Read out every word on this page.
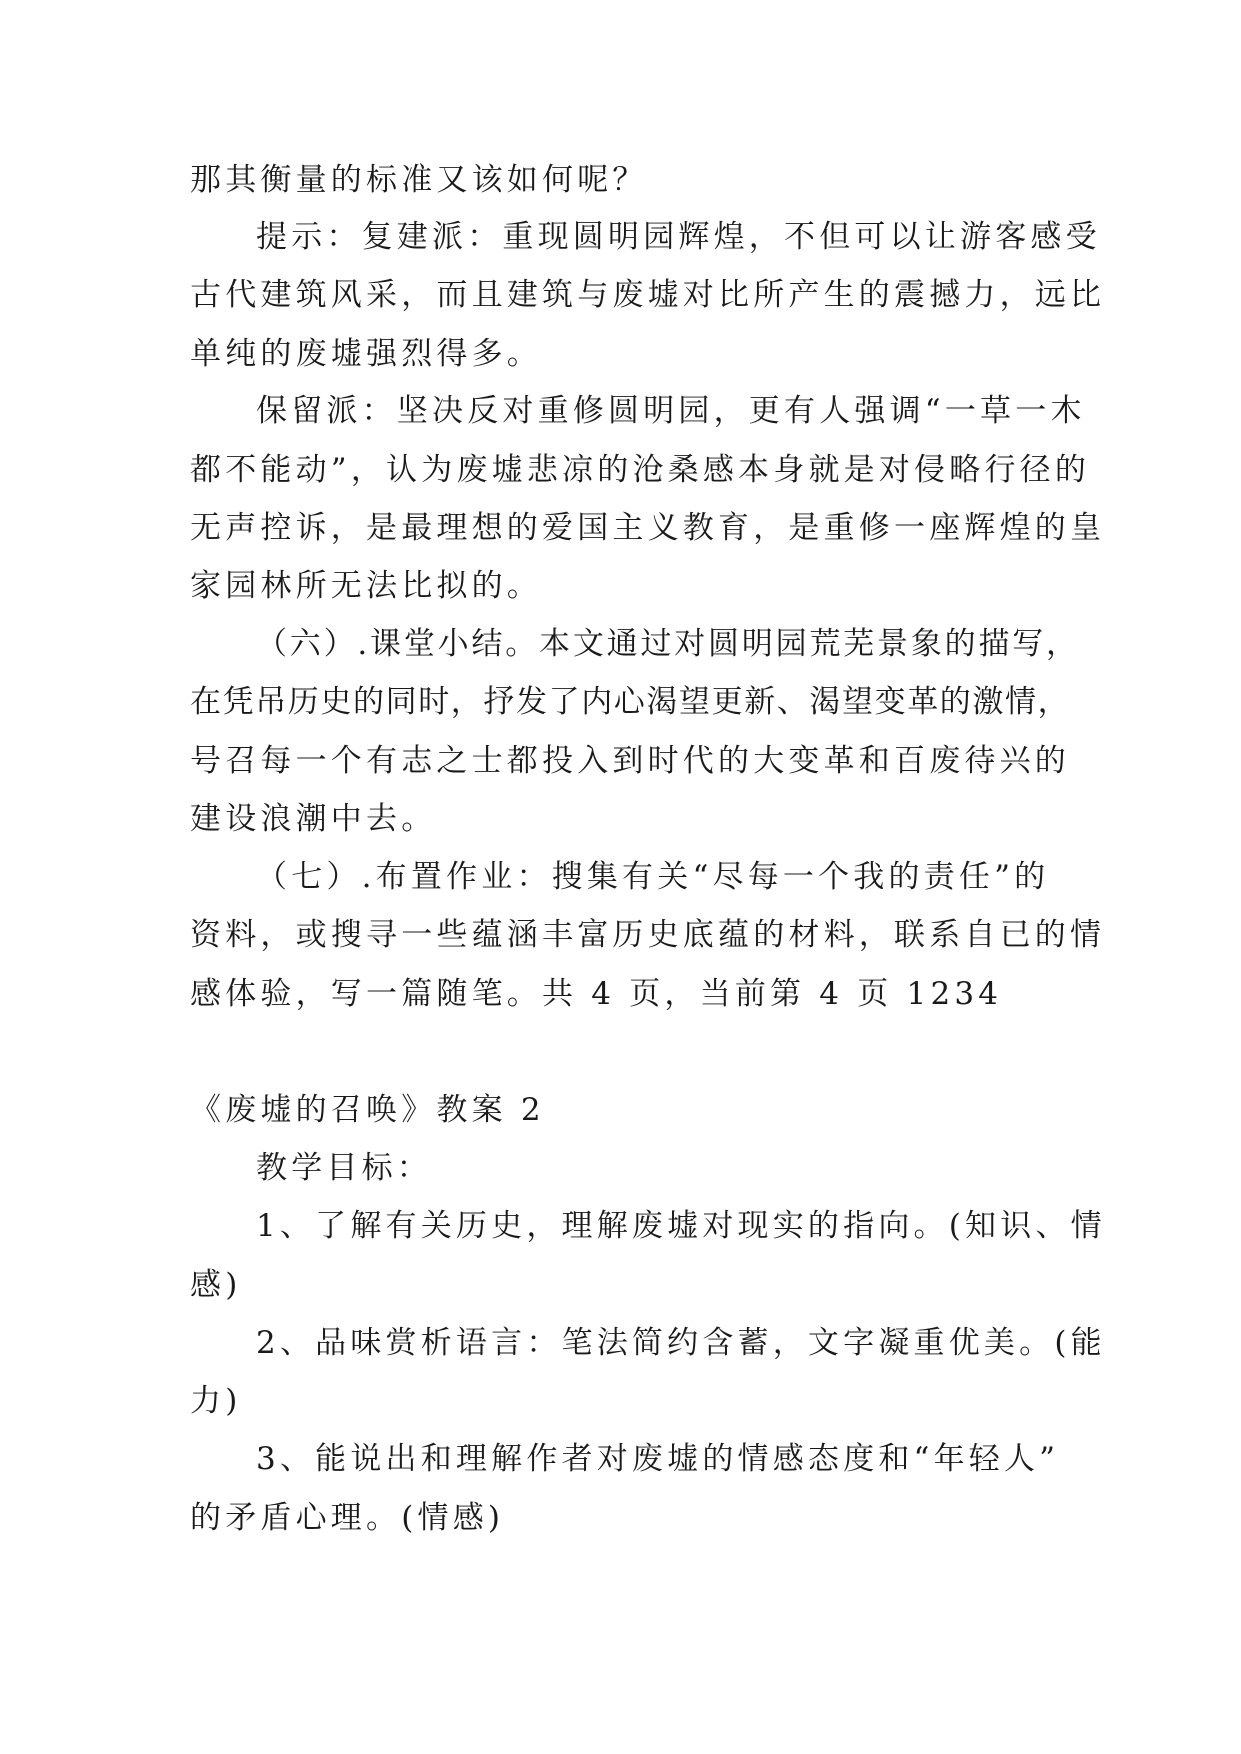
那其衡量的标准又该如何呢？
提示：复建派：重现圆明园辉煌，不但可以让游客感受
古代建筑风采，而且建筑与废墟对比所产生的震撼力，远比
单纯的废墟强烈得多。
保留派：坚决反对重修圆明园，更有人强调“一草一木
都不能动”，认为废墟悲凉的沧桑感本身就是对侵略行径的
无声控诉，是最理想的爱国主义教育，是重修一座辉煌的皇
家园林所无法比拟的。
（六）.课堂小结。本文通过对圆明园荒芜景象的描写，
在凭吊历史的同时，抒发了内心渴望更新、渴望变革的激情，
号召每一个有志之士都投入到时代的大变革和百废待兴的
建设浪潮中去。
（七）.布置作业：搜集有关“尽每一个我的责任”的
资料，或搜寻一些蕴涵丰富历史底蕴的材料，联系自已的情
感体验，写一篇随笔。共 4 页，当前第 4 页 1234
《废墟的召唤》教案 2
教学目标：
1、了解有关历史，理解废墟对现实的指向。(知识、情
感)
2、品味赏析语言：笔法简约含蓄，文字凝重优美。(能
力)
3、能说出和理解作者对废墟的情感态度和“年轻人”
的矛盾心理。(情感)
